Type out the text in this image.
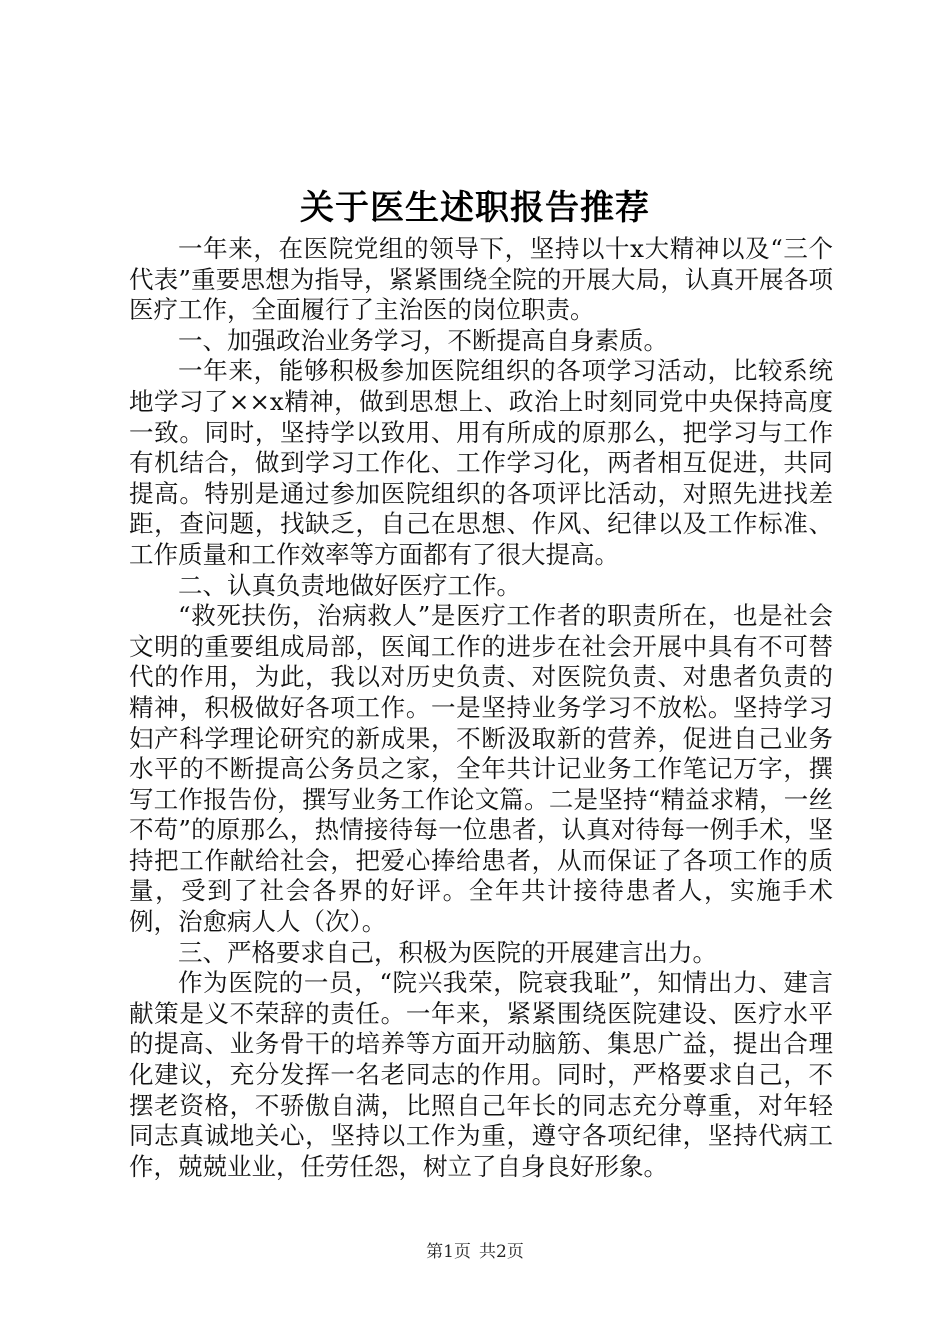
关于医生述职报告推荐

一年来，在医院党组的领导下，坚持以十x大精神以及“三个代表”重要思想为指导，紧紧围绕全院的开展大局，认真开展各项医疗工作，全面履行了主治医的岗位职责。

一、加强政治业务学习，不断提高自身素质。

一年来，能够积极参加医院组织的各项学习活动，比较系统地学习了××x精神，做到思想上、政治上时刻同党中央保持高度一致。同时，坚持学以致用、用有所成的原那么，把学习与工作有机结合，做到学习工作化、工作学习化，两者相互促进，共同提高。特别是通过参加医院组织的各项评比活动，对照先进找差距，查问题，找缺乏，自己在思想、作风、纪律以及工作标准、工作质量和工作效率等方面都有了很大提高。

二、认真负责地做好医疗工作。

“救死扶伤，治病救人”是医疗工作者的职责所在，也是社会文明的重要组成局部，医闻工作的进步在社会开展中具有不可替代的作用，为此，我以对历史负责、对医院负责、对患者负责的精神，积极做好各项工作。一是坚持业务学习不放松。坚持学习妇产科学理论研究的新成果，不断汲取新的营养，促进自己业务水平的不断提高公务员之家，全年共计记业务工作笔记万字，撰写工作报告份，撰写业务工作论文篇。二是坚持“精益求精，一丝不苟”的原那么，热情接待每一位患者，认真对待每一例手术，坚持把工作献给社会，把爱心捧给患者，从而保证了各项工作的质量，受到了社会各界的好评。全年共计接待患者人，实施手术例，治愈病人人（次）。

三、严格要求自己，积极为医院的开展建言出力。

作为医院的一员，“院兴我荣，院衰我耻”，知情出力、建言献策是义不荣辞的责任。一年来，紧紧围绕医院建设、医疗水平的提高、业务骨干的培养等方面开动脑筋、集思广益，提出合理化建议，充分发挥一名老同志的作用。同时，严格要求自己，不摆老资格，不骄傲自满，比照自己年长的同志充分尊重，对年轻同志真诚地关心，坚持以工作为重，遵守各项纪律，坚持代病工作，兢兢业业，任劳任怨，树立了自身良好形象。

第1页 共2页
